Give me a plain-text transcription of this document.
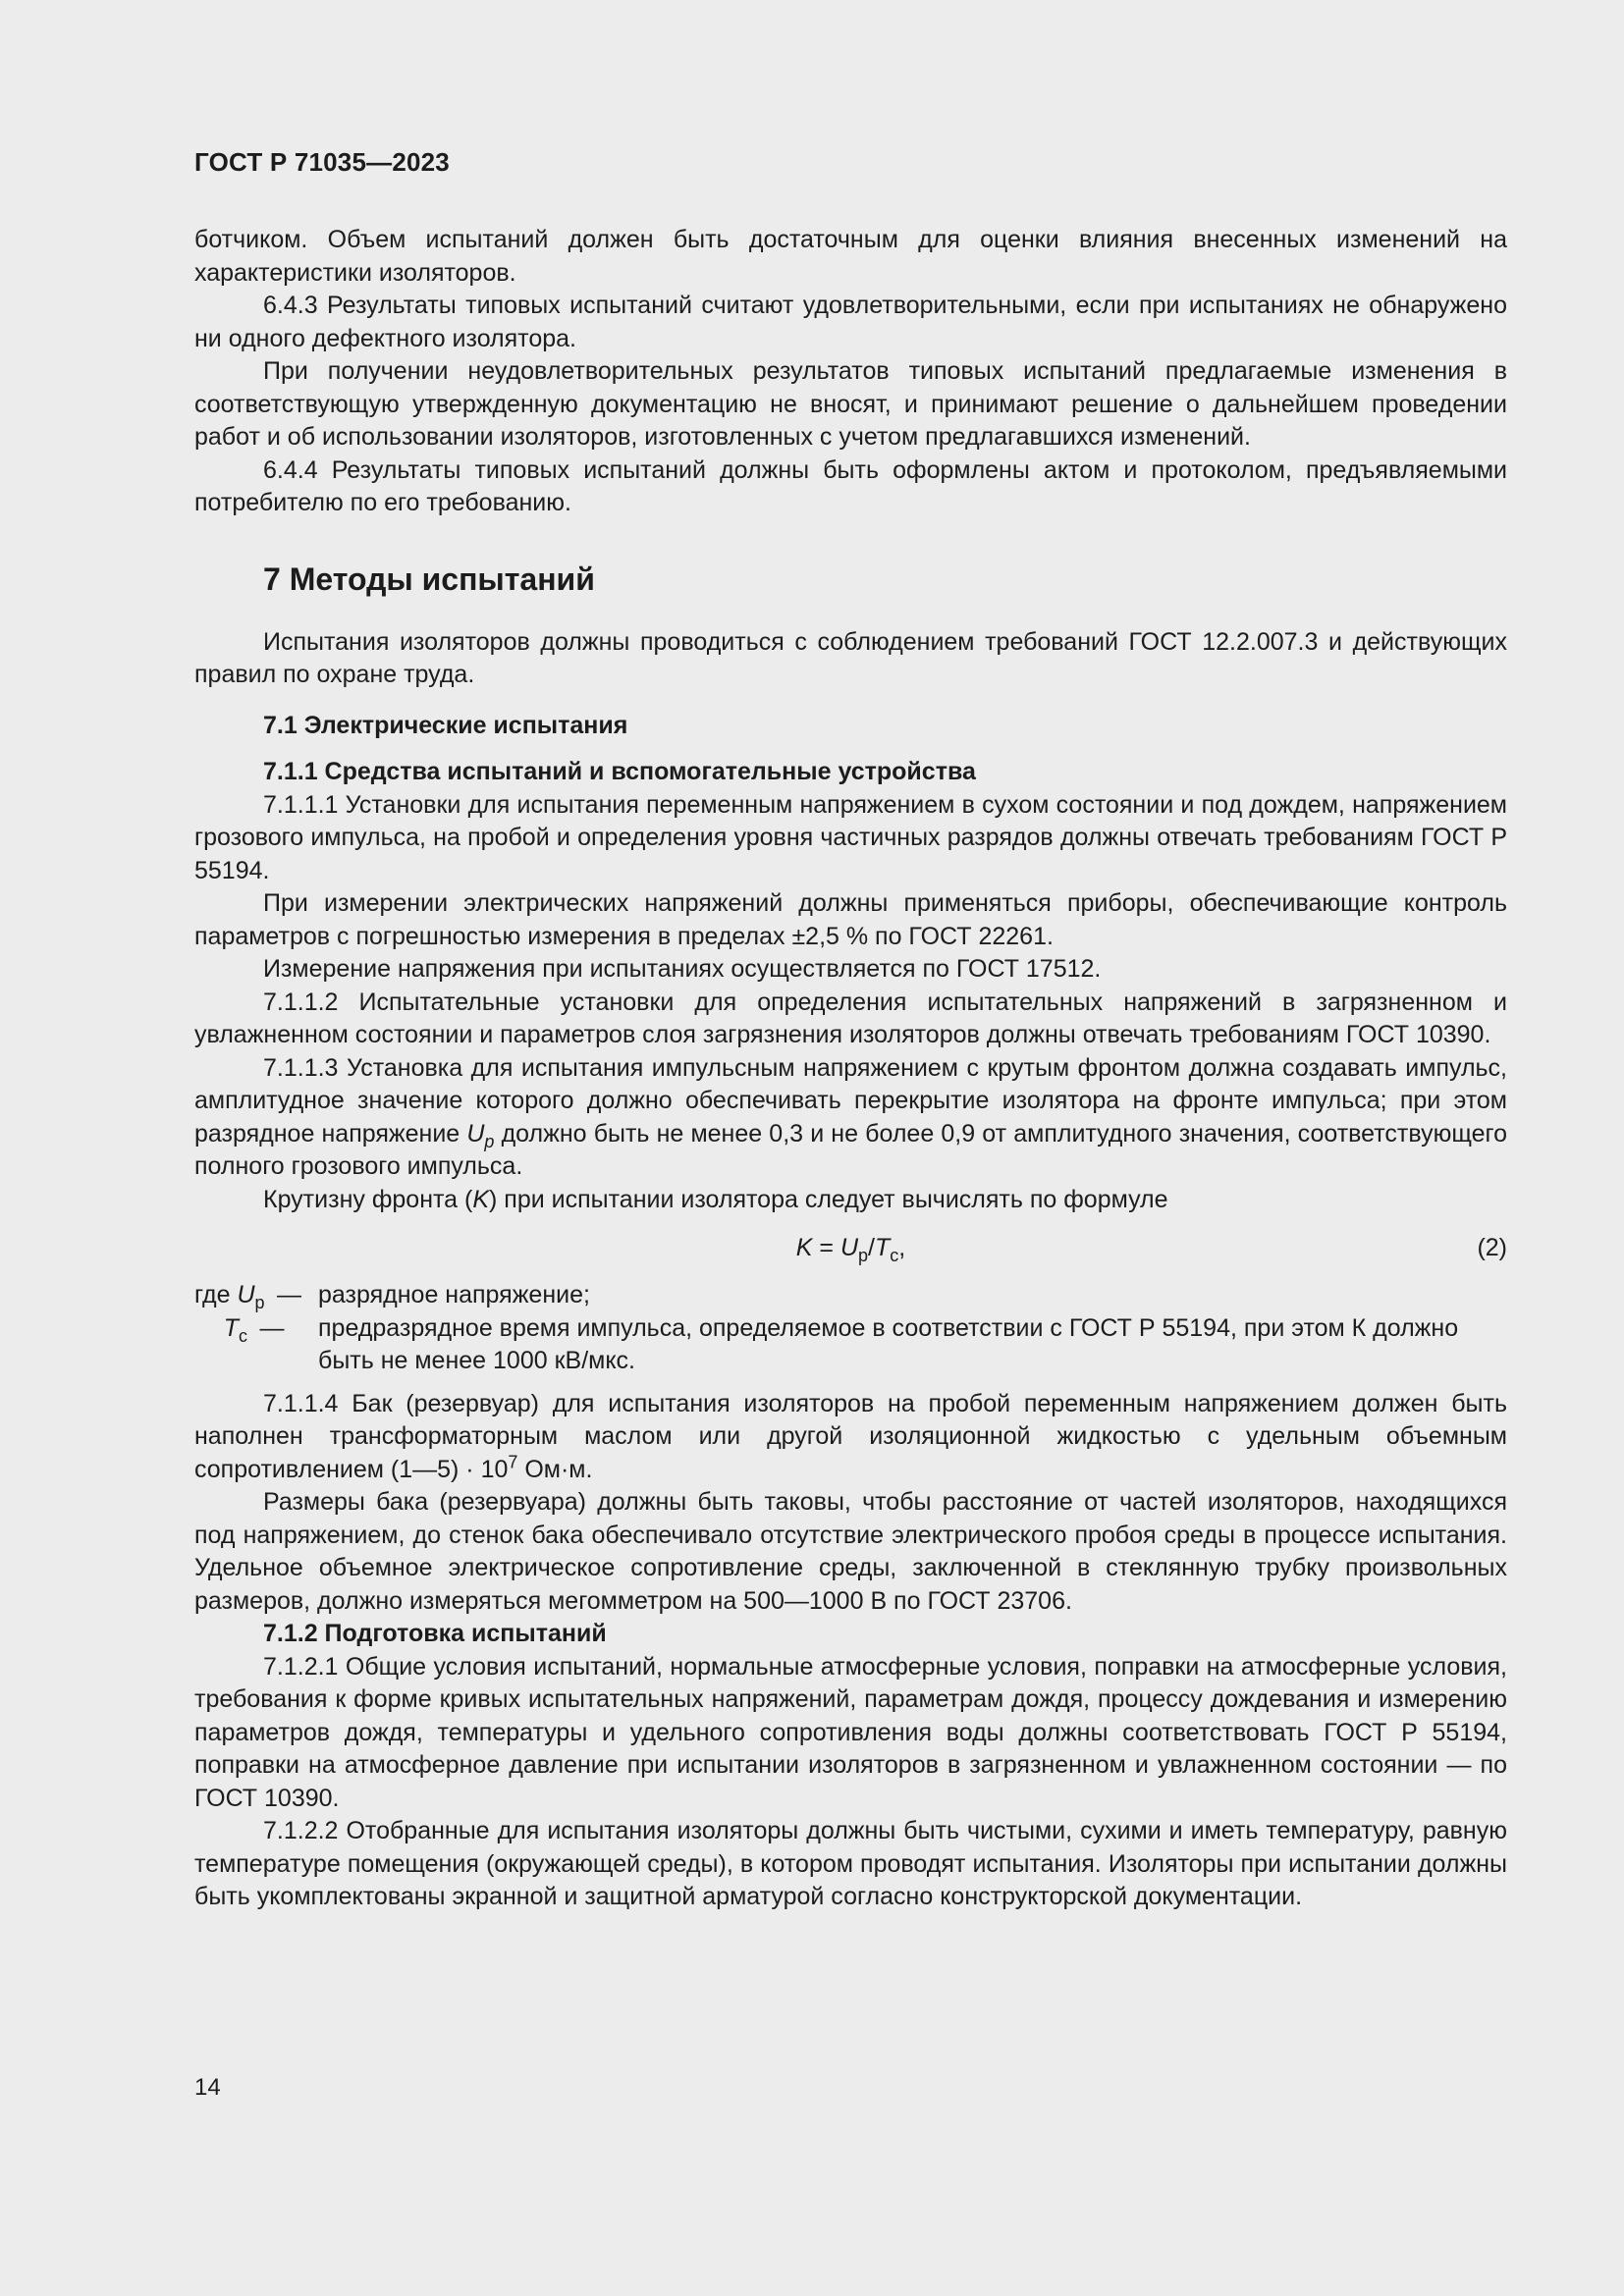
ГОСТ Р 71035—2023

ботчиком. Объем испытаний должен быть достаточным для оценки влияния внесенных изменений на характеристики изоляторов.

6.4.3 Результаты типовых испытаний считают удовлетворительными, если при испытаниях не обнаружено ни одного дефектного изолятора.

При получении неудовлетворительных результатов типовых испытаний предлагаемые изменения в соответствующую утвержденную документацию не вносят, и принимают решение о дальнейшем проведении работ и об использовании изоляторов, изготовленных с учетом предлагавшихся изменений.

6.4.4 Результаты типовых испытаний должны быть оформлены актом и протоколом, предъявляемыми потребителю по его требованию.

7 Методы испытаний

Испытания изоляторов должны проводиться с соблюдением требований ГОСТ 12.2.007.3 и действующих правил по охране труда.

7.1 Электрические испытания
7.1.1 Средства испытаний и вспомогательные устройства

7.1.1.1 Установки для испытания переменным напряжением в сухом состоянии и под дождем, напряжением грозового импульса, на пробой и определения уровня частичных разрядов должны отвечать требованиям ГОСТ Р 55194.

При измерении электрических напряжений должны применяться приборы, обеспечивающие контроль параметров с погрешностью измерения в пределах ±2,5 % по ГОСТ 22261.

Измерение напряжения при испытаниях осуществляется по ГОСТ 17512.

7.1.1.2 Испытательные установки для определения испытательных напряжений в загрязненном и увлажненном состоянии и параметров слоя загрязнения изоляторов должны отвечать требованиям ГОСТ 10390.

7.1.1.3 Установка для испытания импульсным напряжением с крутым фронтом должна создавать импульс, амплитудное значение которого должно обеспечивать перекрытие изолятора на фронте импульса; при этом разрядное напряжение $U_p$ должно быть не менее 0,3 и не более 0,9 от амплитудного значения, соответствующего полного грозового импульса.

Крутизну фронта (K) при испытании изолятора следует вычислять по формуле

$K = U_p/T_c$,	(2)
где $U_p$ — разрядное напряжение;
$T_c$ —	предразрядное время импульса, определяемое в соответствии с ГОСТ Р 55194, при этом К должно быть не менее 1000 кВ/мкс.

7.1.1.4 Бак (резервуар) для испытания изоляторов на пробой переменным напряжением должен быть наполнен трансформаторным маслом или другой изоляционной жидкостью с удельным объемным сопротивлением (1—5) · $10^7$ Ом·м.

Размеры бака (резервуара) должны быть таковы, чтобы расстояние от частей изоляторов, находящихся под напряжением, до стенок бака обеспечивало отсутствие электрического пробоя среды в процессе испытания. Удельное объемное электрическое сопротивление среды, заключенной в стеклянную трубку произвольных размеров, должно измеряться мегомметром на 500—1000 В по ГОСТ 23706.

7.1.2 Подготовка испытаний

7.1.2.1 Общие условия испытаний, нормальные атмосферные условия, поправки на атмосферные условия, требования к форме кривых испытательных напряжений, параметрам дождя, процессу дождевания и измерению параметров дождя, температуры и удельного сопротивления воды должны соответствовать ГОСТ Р 55194, поправки на атмосферное давление при испытании изоляторов в загрязненном и увлажненном состоянии — по ГОСТ 10390.

7.1.2.2 Отобранные для испытания изоляторы должны быть чистыми, сухими и иметь температуру, равную температуре помещения (окружающей среды), в котором проводят испытания. Изоляторы при испытании должны быть укомплектованы экранной и защитной арматурой согласно конструкторской документации.

14
